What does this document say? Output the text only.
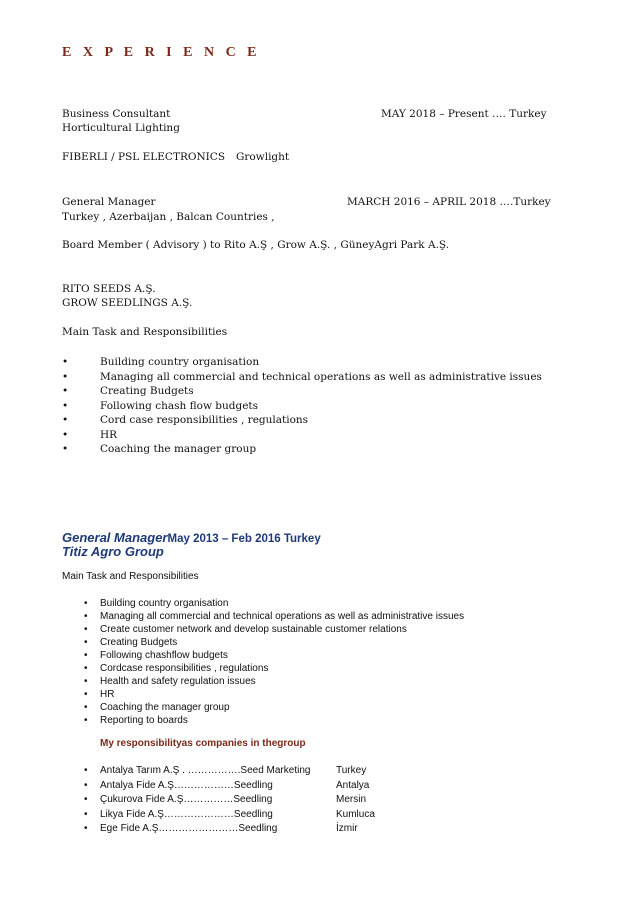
E X P E R I E N C E
Business Consultant	MAY 2018 – Present …. Turkey
Horticultural Lighting
FIBERLI / PSL ELECTRONICS Growlight
General Manager	MARCH 2016 – APRIL 2018 ….Turkey
Turkey , Azerbaijan , Balcan Countries ,
Board Member ( Advisory ) to Rito A.Ş , Grow A.Ş. , GüneyAgri Park A.Ş.
RITO SEEDS A.Ş.
GROW SEEDLINGS A.Ş.
Main Task and Responsibilities
•	Building country organisation
•	Managing all commercial and technical operations as well as administrative issues
•	Creating Budgets
•	Following chash flow budgets
•	Cord case responsibilities , regulations
•	HR
•	Coaching the manager group
General ManagerMay 2013 – Feb 2016 Turkey
Titiz Agro Group
Main Task and Responsibilities
• Building country organisation
• Managing all commercial and technical operations as well as administrative issues
• Create customer network and develop sustainable customer relations
• Creating Budgets
• Following chashflow budgets
• Cordcase responsibilities , regulations
• Health and safety regulation issues
• HR
• Coaching the manager group
• Reporting to boards
My responsibilityas companies in thegroup
• Antalya Tarım A.Ş . …………….Seed Marketing	Turkey
• Antalya Fide A.Ş………………Seedling	Antalya
• Çukurova Fide A.Ş……………Seedling	Mersin
• Likya Fide A.Ş…………………Seedling	Kumluca
• Ege Fide A.Ş……………………Seedling	İzmir
